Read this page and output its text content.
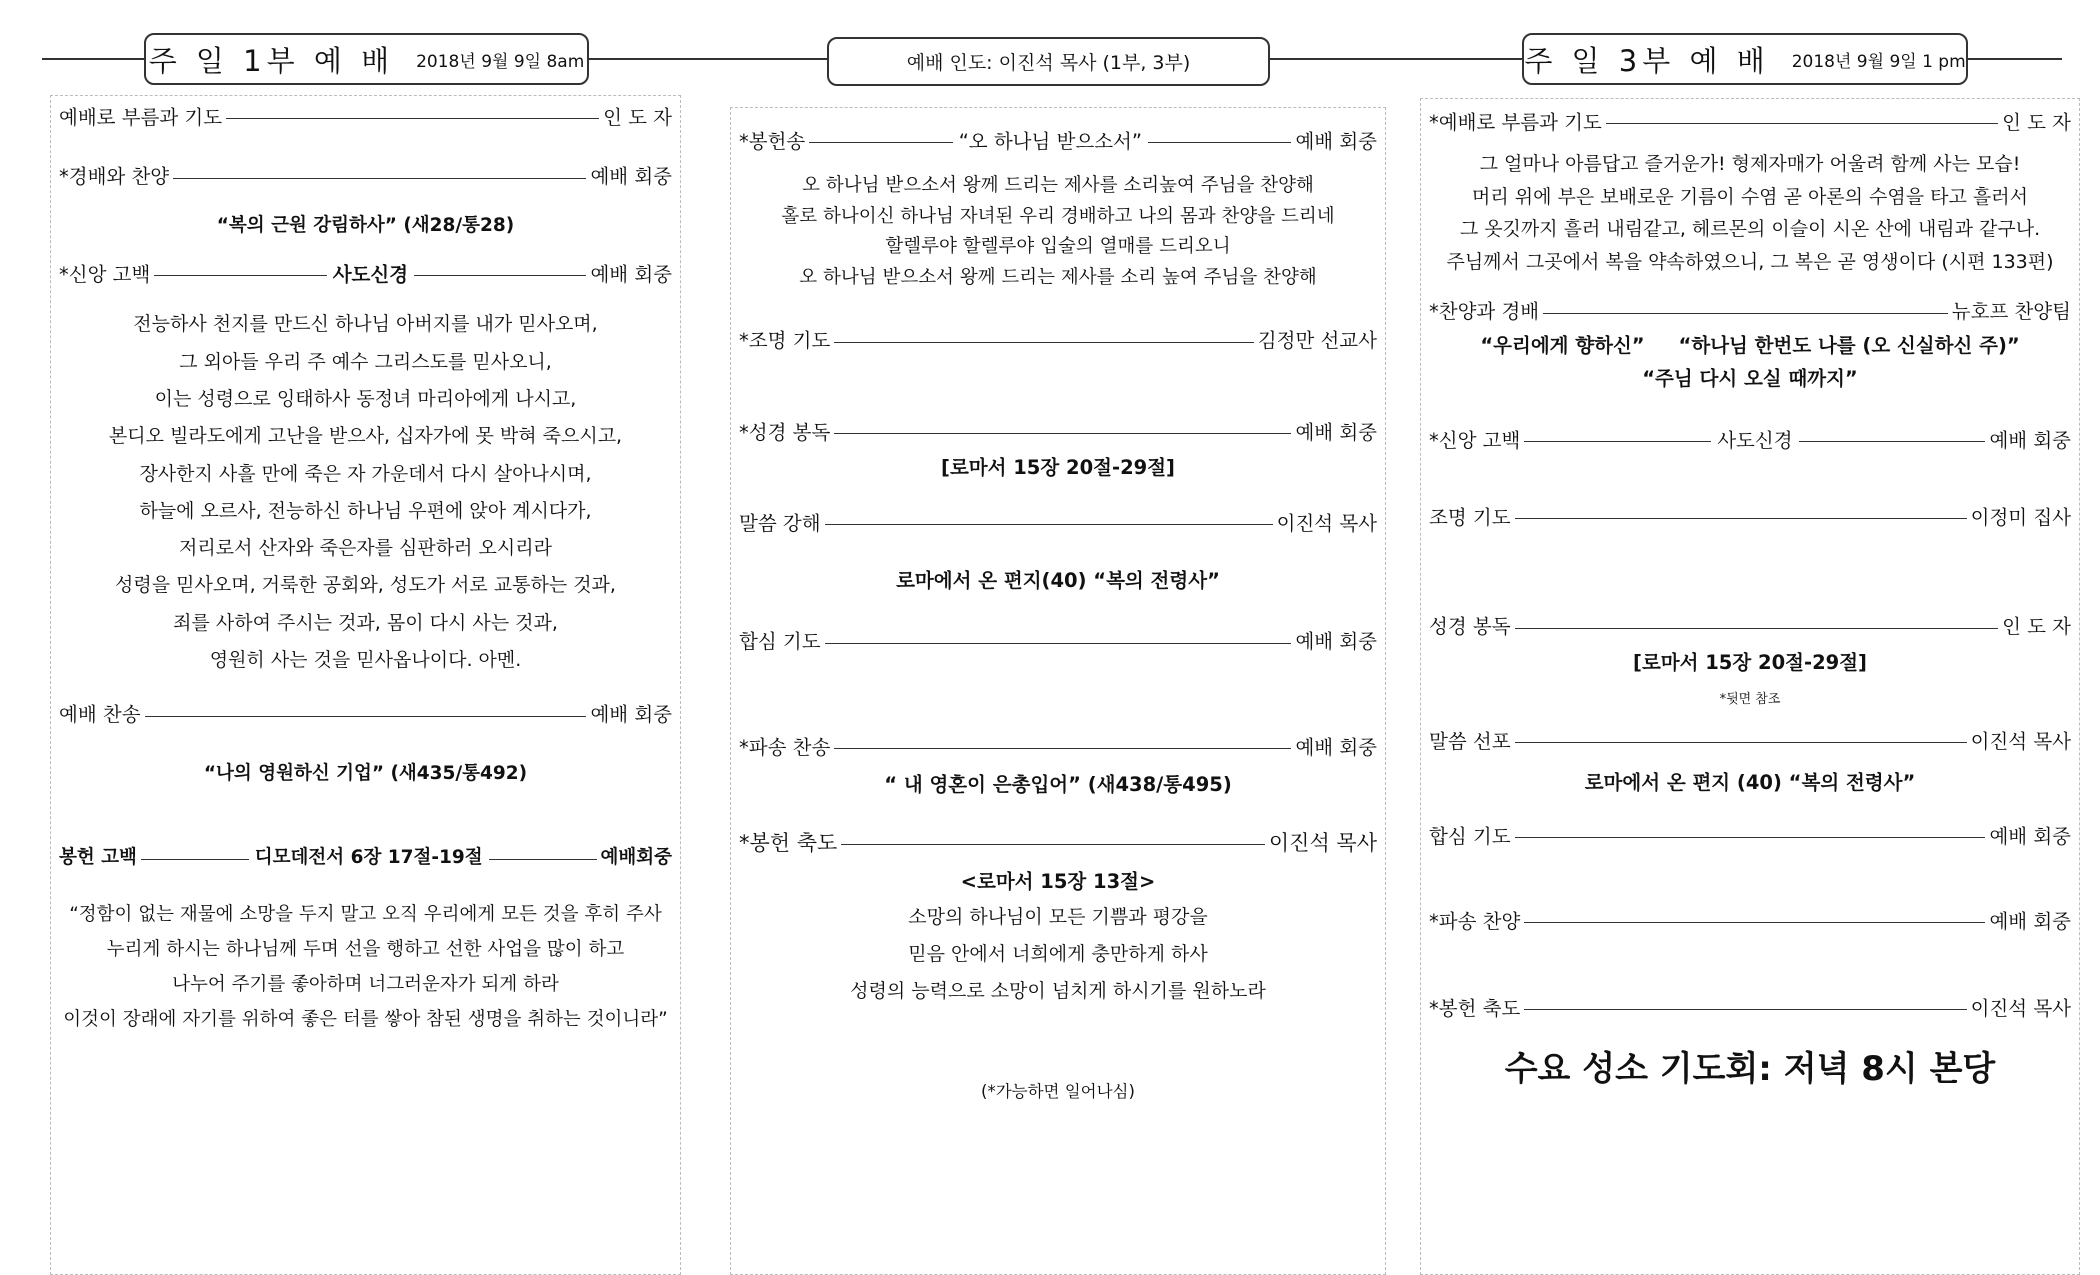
주 일 1부 예 배 2018년 9월 9일 8am	예배 인도: 이진석 목사 (1부, 3부)	주 일 3부 예 배 2018년 9월 9일 1 pm
예배로 부름과 기도	인 도 자
*경배와 찬양	예배 회중
“복의 근원 강림하사” (새28/통28)
*신앙 고백	사도신경	예배 회중
전능하사 천지를 만드신 하나님 아버지를 내가 믿사오며,
그 외아들 우리 주 예수 그리스도를 믿사오니,
이는 성령으로 잉태하사 동정녀 마리아에게 나시고,
본디오 빌라도에게 고난을 받으사, 십자가에 못 박혀 죽으시고,
장사한지 사흘 만에 죽은 자 가운데서 다시 살아나시며,
하늘에 오르사, 전능하신 하나님 우편에 앉아 계시다가,
저리로서 산자와 죽은자를 심판하러 오시리라
성령을 믿사오며, 거룩한 공회와, 성도가 서로 교통하는 것과,
죄를 사하여 주시는 것과, 몸이 다시 사는 것과,
영원히 사는 것을 믿사옵나이다. 아멘.
예배 찬송	예배 회중
“나의 영원하신 기업” (새435/통492)
봉헌 고백	디모데전서 6장 17절-19절	예배회중
“정함이 없는 재물에 소망을 두지 말고 오직 우리에게 모든 것을 후히 주사
누리게 하시는 하나님께 두며 선을 행하고 선한 사업을 많이 하고
나누어 주기를 좋아하며 너그러운자가 되게 하라
이것이 장래에 자기를 위하여 좋은 터를 쌓아 참된 생명을 취하는 것이니라”
*봉헌송	“오 하나님 받으소서”	예배 회중
오 하나님 받으소서 왕께 드리는 제사를 소리높여 주님을 찬양해
홀로 하나이신 하나님 자녀된 우리 경배하고 나의 몸과 찬양을 드리네
할렐루야 할렐루야 입술의 열매를 드리오니
오 하나님 받으소서 왕께 드리는 제사를 소리 높여 주님을 찬양해
*조명 기도	김정만 선교사
*성경 봉독	예배 회중
[로마서 15장 20절-29절]
말씀 강해	이진석 목사
로마에서 온 편지(40) “복의 전령사”
합심 기도	예배 회중
*파송 찬송	예배 회중
“ 내 영혼이 은총입어” (새438/통495)
*봉헌 축도	이진석 목사
<로마서 15장 13절>
소망의 하나님이 모든 기쁨과 평강을
믿음 안에서 너희에게 충만하게 하사
성령의 능력으로 소망이 넘치게 하시기를 원하노라
(*가능하면 일어나심)
*예배로 부름과 기도	인 도 자
그 얼마나 아름답고 즐거운가! 형제자매가 어울려 함께 사는 모습!
머리 위에 부은 보배로운 기름이 수염 곧 아론의 수염을 타고 흘러서
그 옷깃까지 흘러 내림같고, 헤르몬의 이슬이 시온 산에 내림과 같구나.
주님께서 그곳에서 복을 약속하였으니, 그 복은 곧 영생이다 (시편 133편)
*찬양과 경배	뉴호프 찬양팀
“우리에게 향하신”     “하나님 한번도 나를 (오 신실하신 주)”
“주님 다시 오실 때까지”
*신앙 고백	사도신경	예배 회중
조명 기도	이정미 집사
성경 봉독	인 도 자
[로마서 15장 20절-29절]
*뒷면 참조
말씀 선포	이진석 목사
로마에서 온 편지 (40) “복의 전령사”
합심 기도	예배 회중
*파송 찬양	예배 회중
*봉헌 축도	이진석 목사
수요 성소 기도회: 저녁 8시 본당
